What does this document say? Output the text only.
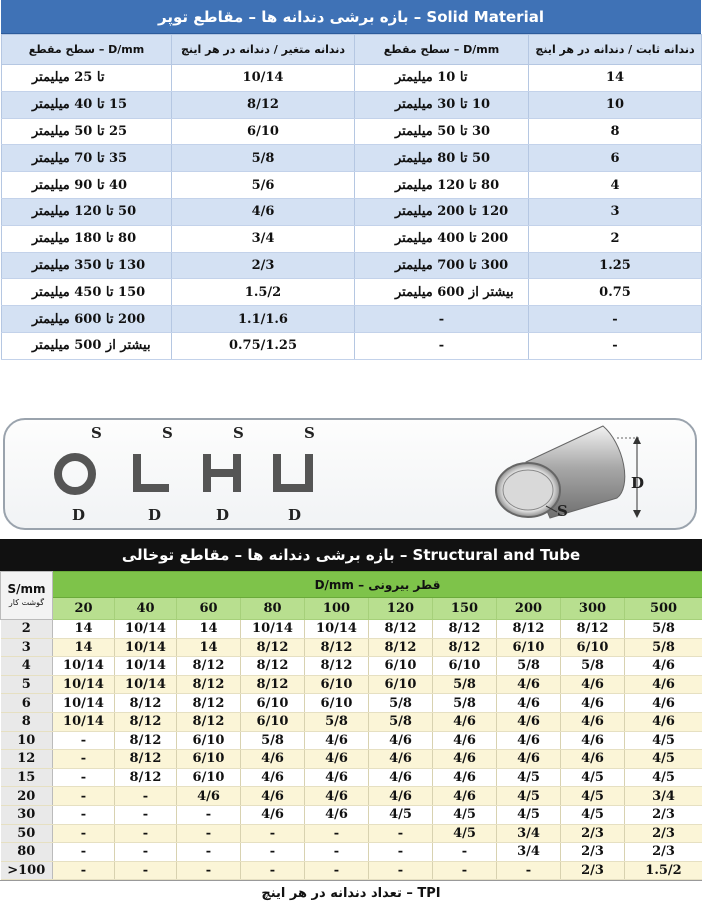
بازه برشی دندانه ها – مقاطع توپر – Solid Material
سطح مقطع – D/mm	دندانه متغیر / دندانه در هر اینچ	سطح مقطع – D/mm	دندانه ثابت / دندانه در هر اینچ
تا 25 میلیمتر	10/14	تا 10 میلیمتر	14
15 تا 40 میلیمتر	8/12	10 تا 30 میلیمتر	10
25 تا 50 میلیمتر	6/10	30 تا 50 میلیمتر	8
35 تا 70 میلیمتر	5/8	50 تا 80 میلیمتر	6
40 تا 90 میلیمتر	5/6	80 تا 120 میلیمتر	4
50 تا 120 میلیمتر	4/6	120 تا 200 میلیمتر	3
80 تا 180 میلیمتر	3/4	200 تا 400 میلیمتر	2
130 تا 350 میلیمتر	2/3	300 تا 700 میلیمتر	1.25
150 تا 450 میلیمتر	1.5/2	بیشتر از 600 میلیمتر	0.75
200 تا 600 میلیمتر	1.1/1.6	-	-
بیشتر از 500 میلیمتر	0.75/1.25	-	-
S
D
S
D
S
D
S
D	S
D
بازه برشی دندانه ها – مقاطع توخالی – Structural and Tube
S/mm
گوشت کار	D/mm – قطر بیرونی									
	20	40	60	80	100	120	150	200	300	500
2	14	10/14	14	10/14	10/14	8/12	8/12	8/12	8/12	5/8
3	14	10/14	14	8/12	8/12	8/12	8/12	6/10	6/10	5/8
4	10/14	10/14	8/12	8/12	8/12	6/10	6/10	5/8	5/8	4/6
5	10/14	10/14	8/12	8/12	6/10	6/10	5/8	4/6	4/6	4/6
6	10/14	8/12	8/12	6/10	6/10	5/8	5/8	4/6	4/6	4/6
8	10/14	8/12	8/12	6/10	5/8	5/8	4/6	4/6	4/6	4/6
10	-	8/12	6/10	5/8	4/6	4/6	4/6	4/6	4/6	4/5
12	-	8/12	6/10	4/6	4/6	4/6	4/6	4/6	4/6	4/5
15	-	8/12	6/10	4/6	4/6	4/6	4/6	4/5	4/5	4/5
20	-	-	4/6	4/6	4/6	4/6	4/6	4/5	4/5	3/4
30	-	-	-	4/6	4/6	4/5	4/5	4/5	4/5	2/3
50	-	-	-	-	-	-	4/5	3/4	2/3	2/3
80	-	-	-	-	-	-	-	3/4	2/3	2/3
>100	-	-	-	-	-	-	-	-	2/3	1.5/2
تعداد دندانه در هر اینچ – TPI
